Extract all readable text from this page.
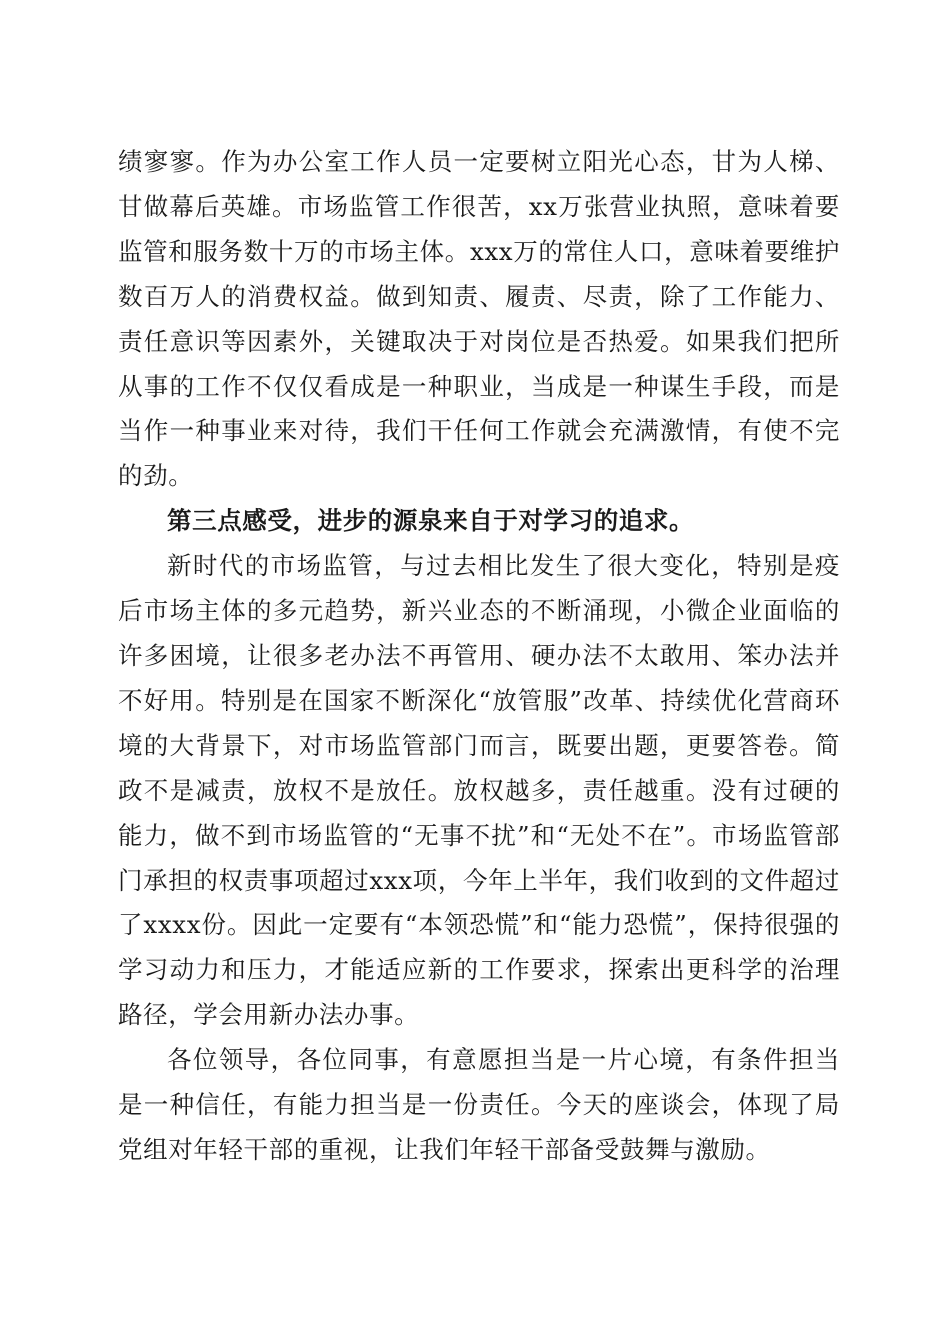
绩寥寥。作为办公室工作人员一定要树立阳光心态，甘为人梯、甘做幕后英雄。市场监管工作很苦，xx万张营业执照，意味着要监管和服务数十万的市场主体。xxx万的常住人口，意味着要维护数百万人的消费权益。做到知责、履责、尽责，除了工作能力、责任意识等因素外，关键取决于对岗位是否热爱。如果我们把所从事的工作不仅仅看成是一种职业，当成是一种谋生手段，而是当作一种事业来对待，我们干任何工作就会充满激情，有使不完的劲。

第三点感受，进步的源泉来自于对学习的追求。

新时代的市场监管，与过去相比发生了很大变化，特别是疫后市场主体的多元趋势，新兴业态的不断涌现，小微企业面临的许多困境，让很多老办法不再管用、硬办法不太敢用、笨办法并不好用。特别是在国家不断深化“放管服”改革、持续优化营商环境的大背景下，对市场监管部门而言，既要出题，更要答卷。简政不是减责，放权不是放任。放权越多，责任越重。没有过硬的能力，做不到市场监管的“无事不扰”和“无处不在”。市场监管部门承担的权责事项超过xxx项，今年上半年，我们收到的文件超过了xxxx份。因此一定要有“本领恐慌”和“能力恐慌”，保持很强的学习动力和压力，才能适应新的工作要求，探索出更科学的治理路径，学会用新办法办事。

各位领导，各位同事，有意愿担当是一片心境，有条件担当是一种信任，有能力担当是一份责任。今天的座谈会，体现了局党组对年轻干部的重视，让我们年轻干部备受鼓舞与激励。
